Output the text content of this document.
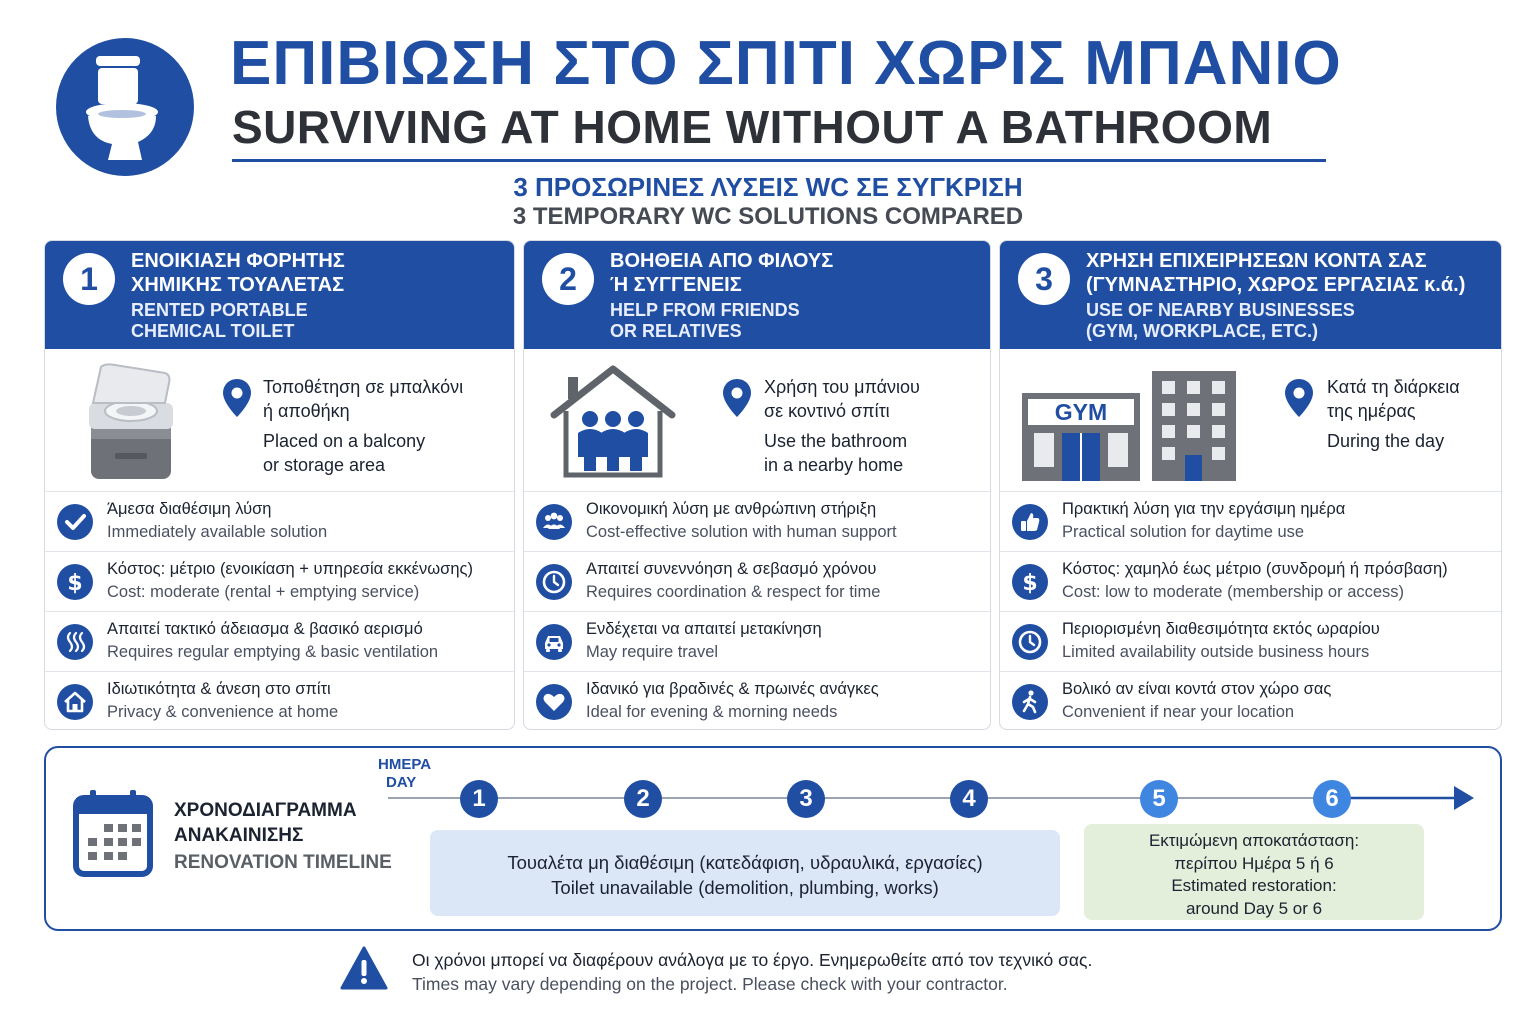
ΕΠΙΒΙΩΣΗ ΣΤΟ ΣΠΙΤΙ ΧΩΡΙΣ ΜΠΑΝΙΟ
SURVIVING AT HOME WITHOUT A BATHROOM
3 ΠΡΟΣΩΡΙΝΕΣ ΛΥΣΕΙΣ WC ΣΕ ΣΥΓΚΡΙΣΗ
3 TEMPORARY WC SOLUTIONS COMPARED
1	ΕΝΟΙΚΙΑΣΗ ΦΟΡΗΤΗΣ
ΧΗΜΙΚΗΣ ΤΟΥΑΛΕΤΑΣ
RENTED PORTABLE
CHEMICAL TOILET
Τοποθέτηση σε μπαλκόνι
ή αποθήκη
Placed on a balcony
or storage area
Άμεσα διαθέσιμη λύση
Immediately available solution
$
Κόστος: μέτριο (ενοικίαση + υπηρεσία εκκένωσης)
Cost: moderate (rental + emptying service)
Απαιτεί τακτικό άδειασμα & βασικό αερισμό
Requires regular emptying & basic ventilation
Ιδιωτικότητα & άνεση στο σπίτι
Privacy & convenience at home
2	ΒΟΗΘΕΙΑ ΑΠΟ ΦΙΛΟΥΣ
Ή ΣΥΓΓΕΝΕΙΣ
HELP FROM FRIENDS
OR RELATIVES
Χρήση του μπάνιου
σε κοντινό σπίτι
Use the bathroom
in a nearby home
Οικονομική λύση με ανθρώπινη στήριξη
Cost-effective solution with human support
Απαιτεί συνεννόηση & σεβασμό χρόνου
Requires coordination & respect for time
Ενδέχεται να απαιτεί μετακίνηση
May require travel
Ιδανικό για βραδινές & πρωινές ανάγκες
Ideal for evening & morning needs
3	ΧΡΗΣΗ ΕΠΙΧΕΙΡΗΣΕΩΝ ΚΟΝΤΑ ΣΑΣ
(ΓΥΜΝΑΣΤΗΡΙΟ, ΧΩΡΟΣ ΕΡΓΑΣΙΑΣ κ.ά.)
USE OF NEARBY BUSINESSES
(GYM, WORKPLACE, ETC.)
GYM
Κατά τη διάρκεια
της ημέρας
During the day
Πρακτική λύση για την εργάσιμη ημέρα
Practical solution for daytime use
$
Κόστος: χαμηλό έως μέτριο (συνδρομή ή πρόσβαση)
Cost: low to moderate (membership or access)
Περιορισμένη διαθεσιμότητα εκτός ωραρίου
Limited availability outside business hours
Βολικό αν είναι κοντά στον χώρο σας
Convenient if near your location
ΧΡΟΝΟΔΙΑΓΡΑΜΜΑ
ΑΝΑΚΑΙΝΙΣΗΣ
RENOVATION TIMELINE
ΗΜΕΡΑ
DAY
1	2	3	4	5	6
Τουαλέτα μη διαθέσιμη (κατεδάφιση, υδραυλικά, εργασίες)
Toilet unavailable (demolition, plumbing, works)
Εκτιμώμενη αποκατάσταση:
περίπου Ημέρα 5 ή 6
Estimated restoration:
around Day 5 or 6
Οι χρόνοι μπορεί να διαφέρουν ανάλογα με το έργο. Ενημερωθείτε από τον τεχνικό σας.
Times may vary depending on the project. Please check with your contractor.
